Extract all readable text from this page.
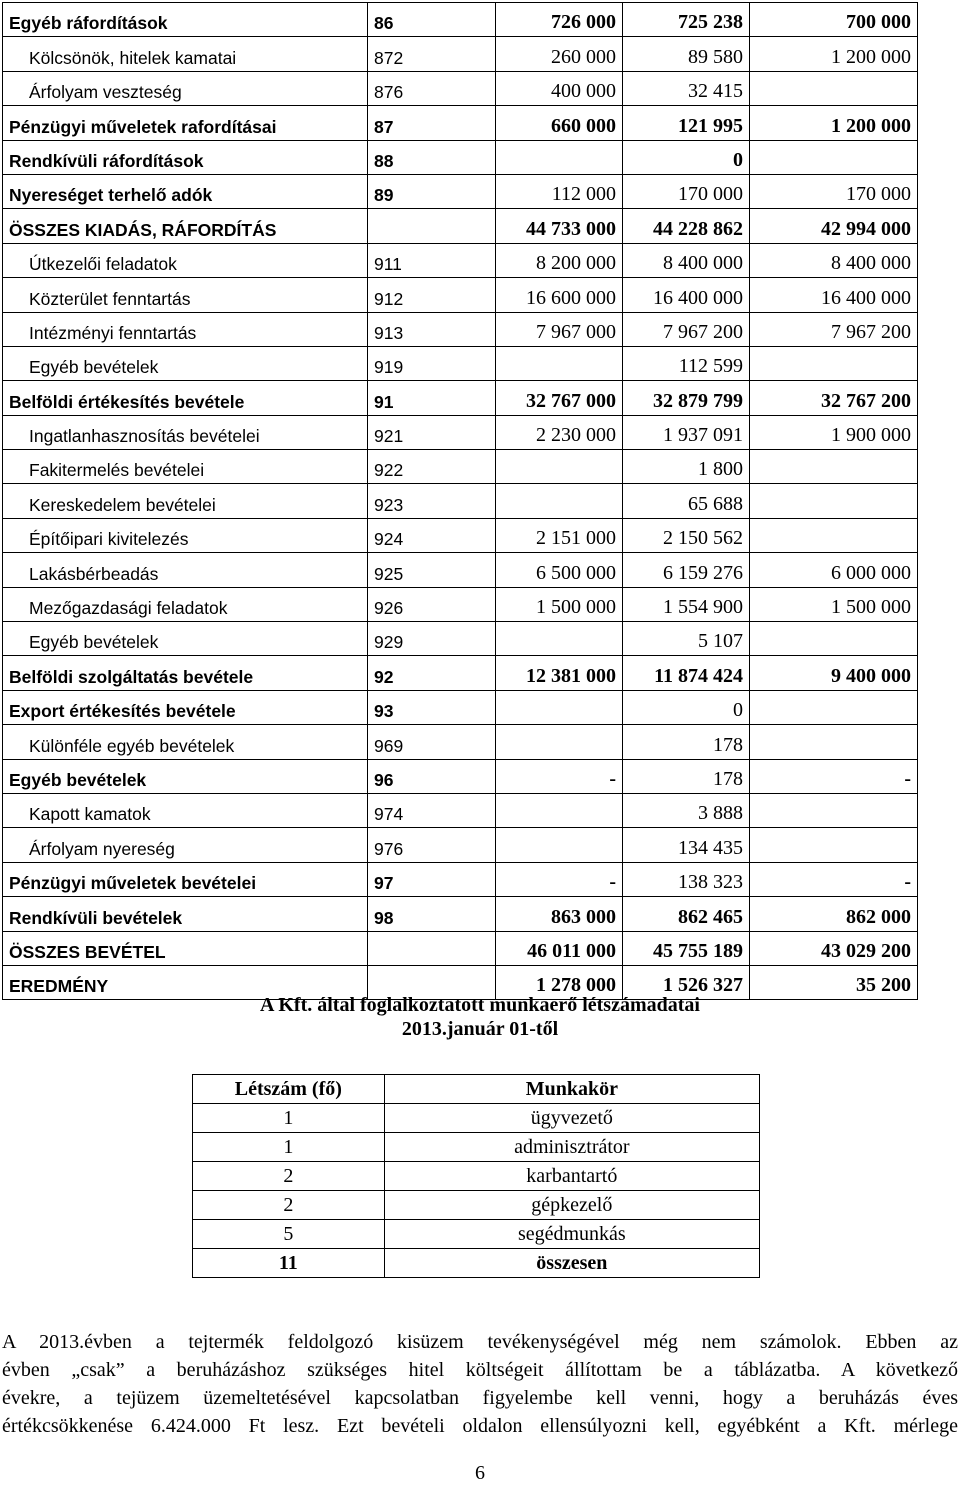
Egyéb ráfordítások	86	726 000	725 238	700 000
Kölcsönök, hitelek kamatai	872	260 000	89 580	1 200 000
Árfolyam veszteség	876	400 000	32 415	
Pénzügyi műveletek rafordításai	87	660 000	121 995	1 200 000
Rendkívüli ráfordítások	88		0	
Nyereséget terhelő adók	89	112 000	170 000	170 000
ÖSSZES KIADÁS, RÁFORDÍTÁS		44 733 000	44 228 862	42 994 000
Útkezelői feladatok	911	8 200 000	8 400 000	8 400 000
Közterület fenntartás	912	16 600 000	16 400 000	16 400 000
Intézményi fenntartás	913	7 967 000	7 967 200	7 967 200
Egyéb bevételek	919		112 599	
Belföldi értékesítés bevétele	91	32 767 000	32 879 799	32 767 200
Ingatlanhasznosítás bevételei	921	2 230 000	1 937 091	1 900 000
Fakitermelés bevételei	922		1 800	
Kereskedelem bevételei	923		65 688	
Építőipari kivitelezés	924	2 151 000	2 150 562	
Lakásbérbeadás	925	6 500 000	6 159 276	6 000 000
Mezőgazdasági feladatok	926	1 500 000	1 554 900	1 500 000
Egyéb bevételek	929		5 107	
Belföldi szolgáltatás bevétele	92	12 381 000	11 874 424	9 400 000
Export értékesítés bevétele	93		0	
Különféle egyéb bevételek	969		178	
Egyéb bevételek	96	-	178	-
Kapott kamatok	974		3 888	
Árfolyam nyereség	976		134 435	
Pénzügyi műveletek bevételei	97	-	138 323	-
Rendkívüli bevételek	98	863 000	862 465	862 000
ÖSSZES BEVÉTEL		46 011 000	45 755 189	43 029 200
EREDMÉNY		1 278 000	1 526 327	35 200
A Kft. által foglalkoztatott munkaerő létszámadatai
2013.január 01-től
Létszám (fő)	Munkakör
1	ügyvezető
1	adminisztrátor
2	karbantartó
2	gépkezelő
5	segédmunkás
11	összesen
A 2013.évben a tejtermék feldolgozó kisüzem tevékenységével még nem számolok. Ebben az
évben „csak” a beruházáshoz szükséges hitel költségeit állítottam be a táblázatba. A következő
évekre, a tejüzem üzemeltetésével kapcsolatban figyelembe kell venni, hogy a beruházás éves
értékcsökkenése 6.424.000 Ft lesz. Ezt bevételi oldalon ellensúlyozni kell, egyébként a Kft. mérlege
6
